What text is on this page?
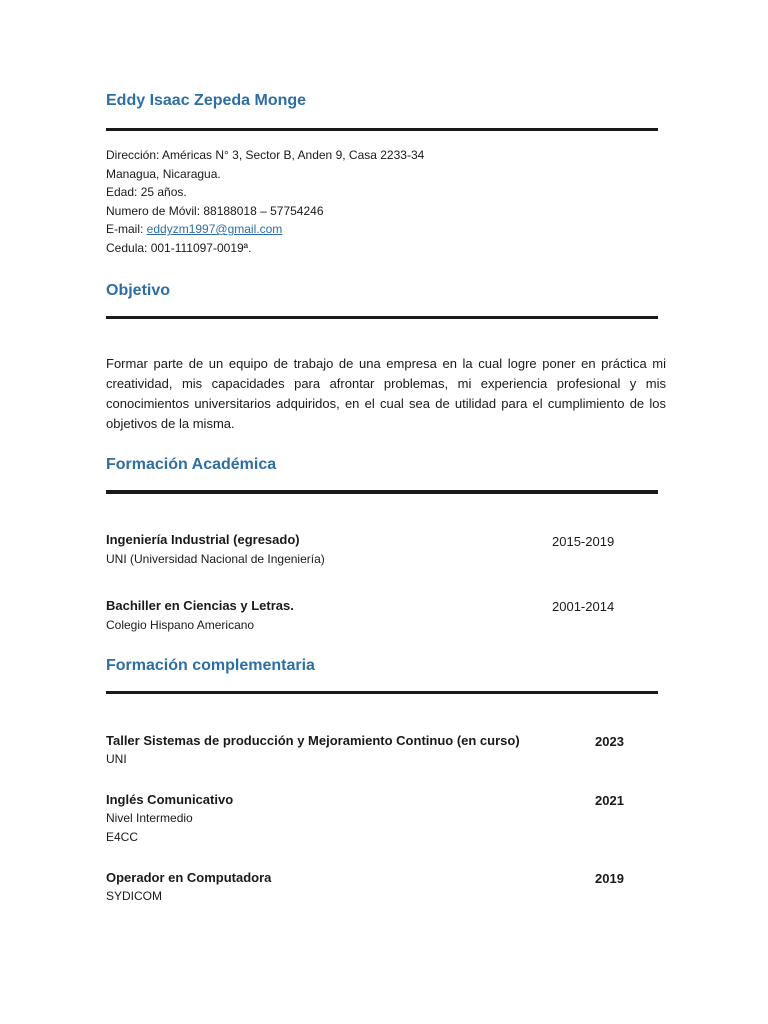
Eddy Isaac Zepeda Monge
Dirección: Américas N° 3, Sector B, Anden 9, Casa 2233-34
Managua, Nicaragua.
Edad: 25 años.
Numero de Móvil: 88188018 – 57754246
E-mail: eddyzm1997@gmail.com
Cedula: 001-111097-0019ª.
Objetivo
Formar parte de un equipo de trabajo de una empresa en la cual logre poner en práctica mi creatividad, mis capacidades para afrontar problemas, mi experiencia profesional y mis conocimientos universitarios adquiridos, en el cual sea de utilidad para el cumplimiento de los objetivos de la misma.
Formación Académica
Ingeniería Industrial (egresado)	2015-2019
UNI (Universidad Nacional de Ingeniería)
Bachiller en Ciencias y Letras.	2001-2014
Colegio Hispano Americano
Formación complementaria
Taller Sistemas de producción y Mejoramiento Continuo (en curso)	2023
UNI
Inglés Comunicativo	2021
Nivel Intermedio
E4CC
Operador en Computadora	2019
SYDICOM
